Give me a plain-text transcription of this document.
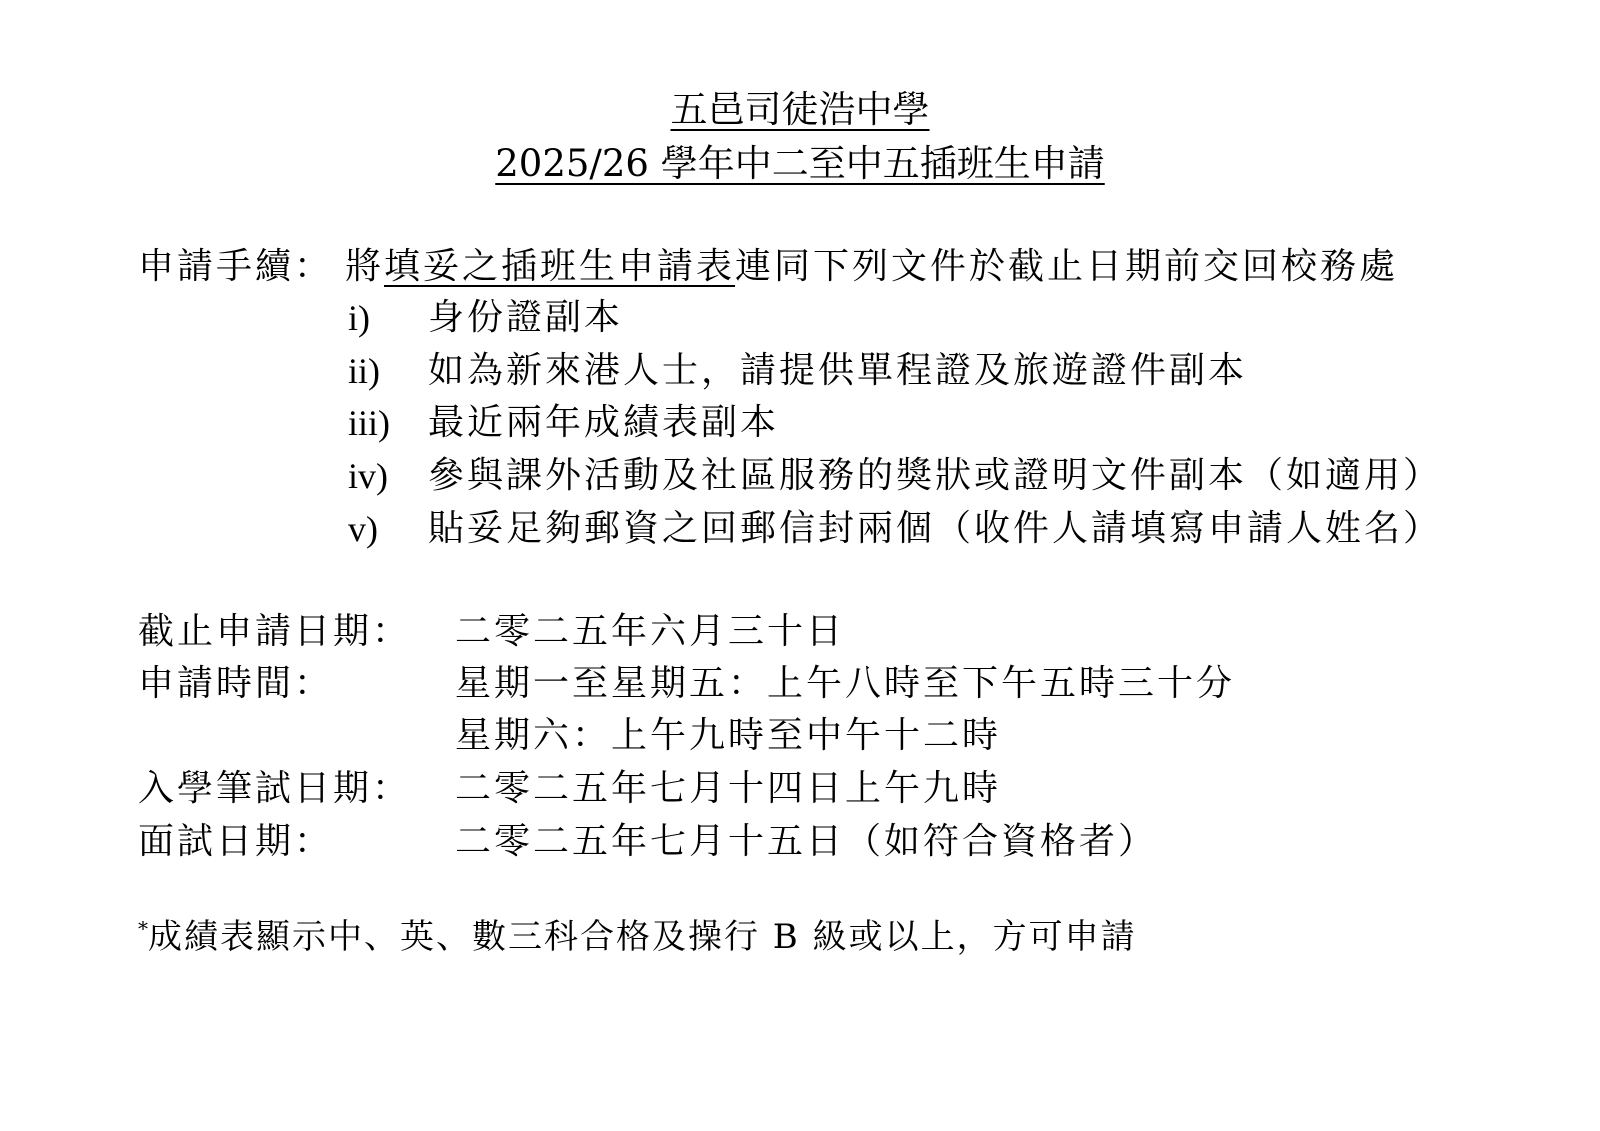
五邑司徒浩中學
2025/26 學年中二至中五插班生申請
申請手續： 將填妥之插班生申請表連同下列文件於截止日期前交回校務處
i) 身份證副本
ii) 如為新來港人士，請提供單程證及旅遊證件副本
iii) 最近兩年成績表副本
iv) 參與課外活動及社區服務的獎狀或證明文件副本（如適用）
v) 貼妥足夠郵資之回郵信封兩個（收件人請填寫申請人姓名）
截止申請日期： 二零二五年六月三十日
申請時間：	星期一至星期五：上午八時至下午五時三十分
星期六：上午九時至中午十二時
入學筆試日期： 二零二五年七月十四日上午九時
面試日期：	二零二五年七月十五日（如符合資格者）
*成績表顯示中、英、數三科合格及操行 B 級或以上，方可申請
